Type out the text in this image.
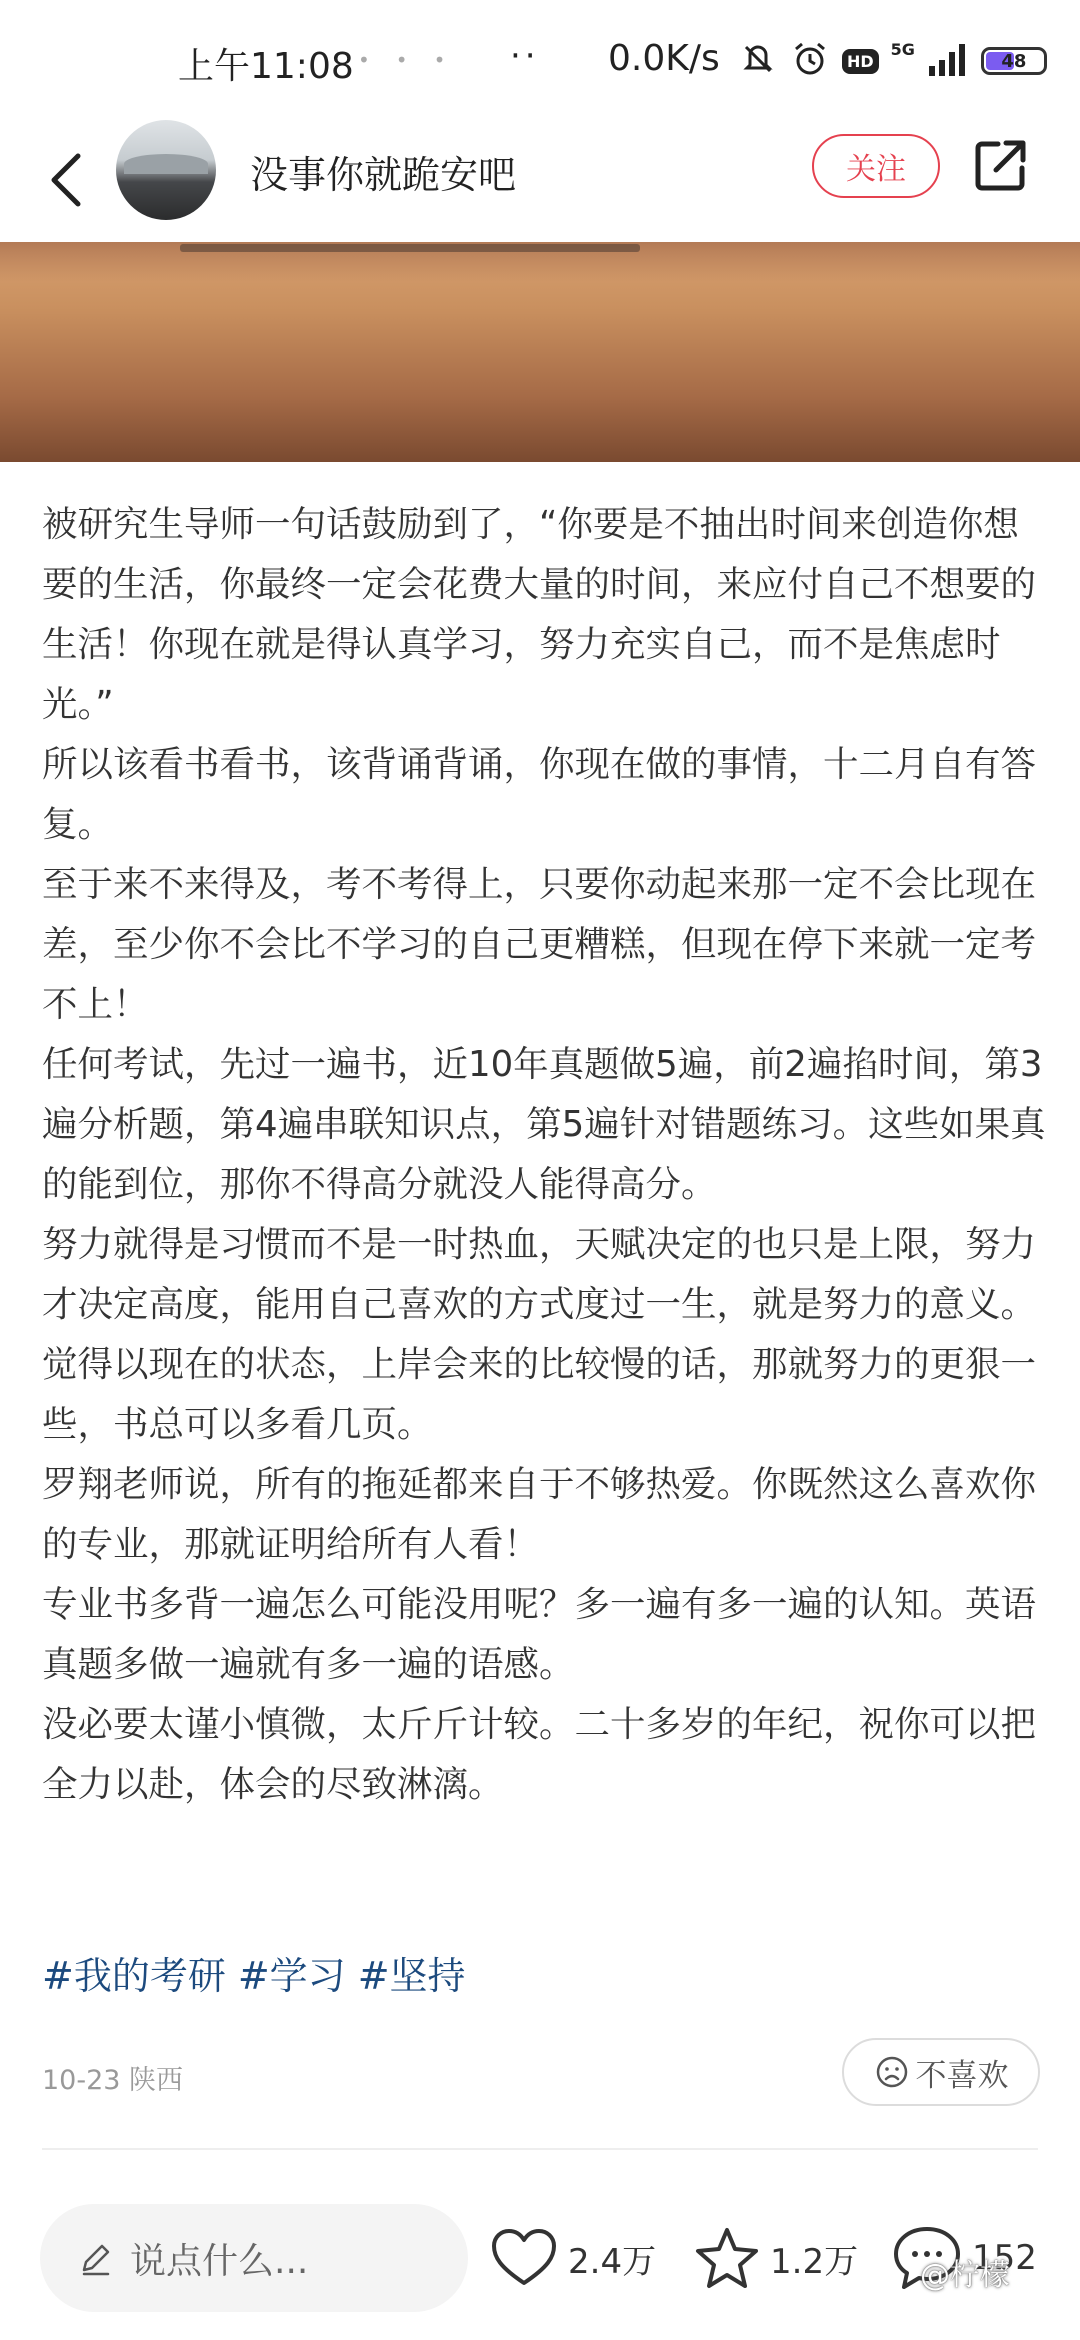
上午11:08 ••• ·· 0.0K/s	HD
5G
48
没事你就跪安吧	关注

被研究生导师一句话鼓励到了，“你要是不抽出时间来创造你想要的生活，你最终一定会花费大量的时间，来应付自己不想要的生活！你现在就是得认真学习，努力充实自己，而不是焦虑时光。”

所以该看书看书，该背诵背诵，你现在做的事情，十二月自有答复。

至于来不来得及，考不考得上，只要你动起来那一定不会比现在差，至少你不会比不学习的自己更糟糕，但现在停下来就一定考不上！

任何考试，先过一遍书，近10年真题做5遍，前2遍掐时间，第3遍分析题，第4遍串联知识点，第5遍针对错题练习。这些如果真的能到位，那你不得高分就没人能得高分。

努力就得是习惯而不是一时热血，天赋决定的也只是上限，努力才决定高度，能用自己喜欢的方式度过一生，就是努力的意义。

觉得以现在的状态，上岸会来的比较慢的话，那就努力的更狠一些，书总可以多看几页。

罗翔老师说，所有的拖延都来自于不够热爱。你既然这么喜欢你的专业，那就证明给所有人看！

专业书多背一遍怎么可能没用呢？多一遍有多一遍的认知。英语真题多做一遍就有多一遍的语感。

没必要太谨小慎微，太斤斤计较。二十多岁的年纪，祝你可以把全力以赴，体会的尽致淋漓。

#我的考研 #学习 #坚持
10-23 陕西	不喜欢
说点什么...	2.4万	1.2万	152
@柠檬
